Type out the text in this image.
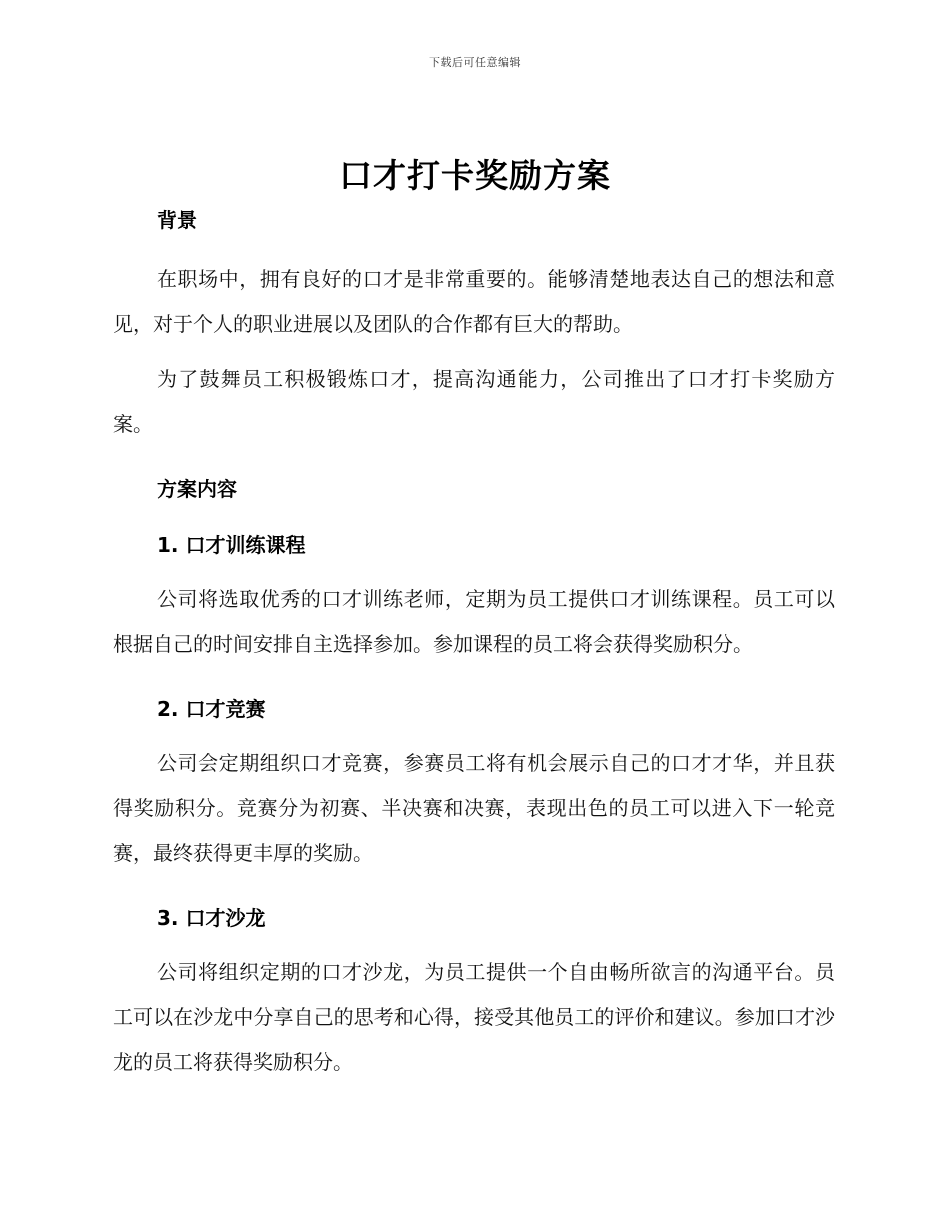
下载后可任意编辑
口才打卡奖励方案

背景

在职场中，拥有良好的口才是非常重要的。能够清楚地表达自己的想法和意见，对于个人的职业进展以及团队的合作都有巨大的帮助。

为了鼓舞员工积极锻炼口才，提高沟通能力，公司推出了口才打卡奖励方案。

方案内容

1. 口才训练课程

公司将选取优秀的口才训练老师，定期为员工提供口才训练课程。员工可以根据自己的时间安排自主选择参加。参加课程的员工将会获得奖励积分。

2. 口才竞赛

公司会定期组织口才竞赛，参赛员工将有机会展示自己的口才才华，并且获得奖励积分。竞赛分为初赛、半决赛和决赛，表现出色的员工可以进入下一轮竞赛，最终获得更丰厚的奖励。

3. 口才沙龙

公司将组织定期的口才沙龙，为员工提供一个自由畅所欲言的沟通平台。员工可以在沙龙中分享自己的思考和心得，接受其他员工的评价和建议。参加口才沙龙的员工将获得奖励积分。
